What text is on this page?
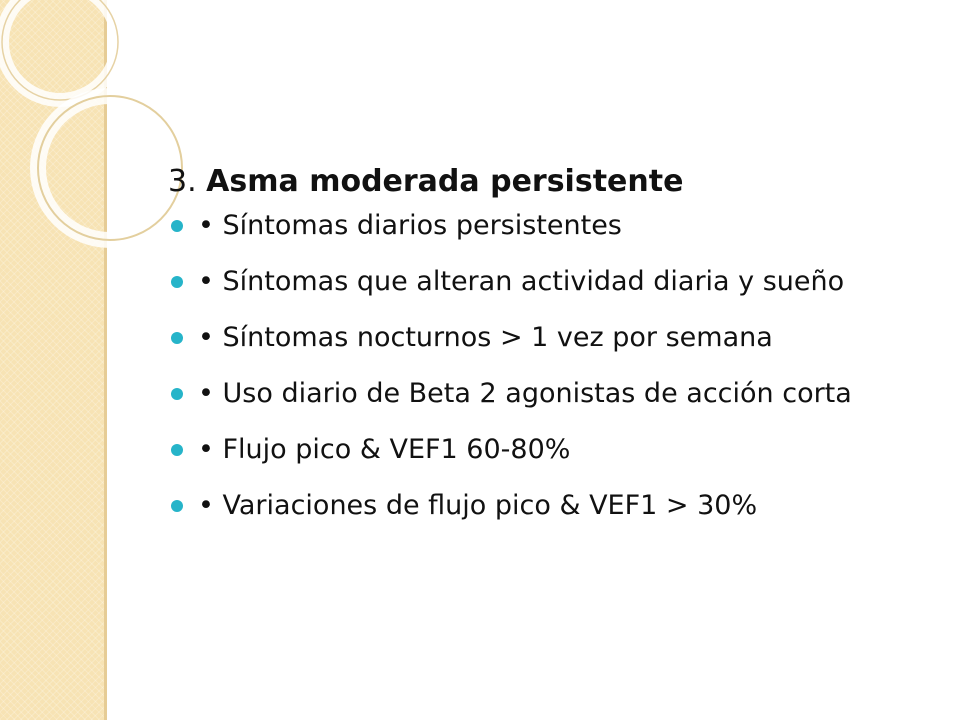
3. Asma moderada persistente
• Síntomas diarios persistentes
• Síntomas que alteran actividad diaria y sueño
• Síntomas nocturnos > 1 vez por semana
• Uso diario de Beta 2 agonistas de acción corta
• Flujo pico & VEF1 60-80%
• Variaciones de flujo pico & VEF1 > 30%
